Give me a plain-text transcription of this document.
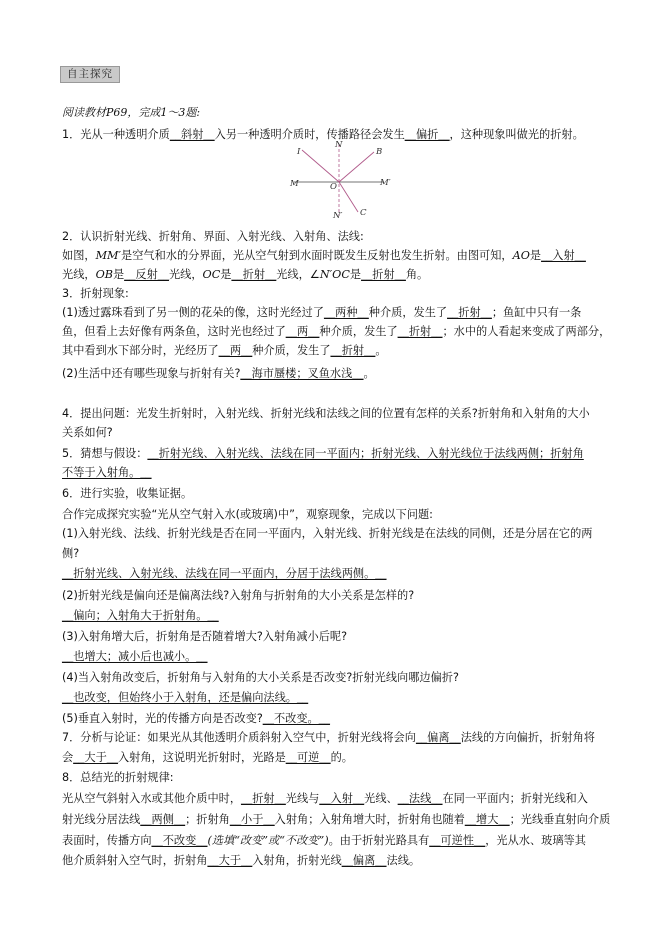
自主探究
阅读教材P69，完成1～3题:
I
N
B
M	O	M′
N′ C
1．光从一种透明介质__斜射__入另一种透明介质时，传播路径会发生__偏折__，这种现象叫做光的折射。
2．认识折射光线、折射角、界面、入射光线、入射角、法线:
如图，MM′是空气和水的分界面，光从空气射到水面时既发生反射也发生折射。由图可知，AO是__入射__
光线，OB是__反射__光线，OC是__折射__光线，∠N′OC是__折射__角。
3．折射现象:
(1)透过露珠看到了另一侧的花朵的像，这时光经过了__两种__种介质，发生了__折射__；鱼缸中只有一条
鱼，但看上去好像有两条鱼，这时光也经过了__两__种介质，发生了__折射__；水中的人看起来变成了两部分，
其中看到水下部分时，光经历了__两__种介质，发生了__折射__。
(2)生活中还有哪些现象与折射有关?__海市蜃楼；叉鱼水浅__。
4．提出问题：光发生折射时，入射光线、折射光线和法线之间的位置有怎样的关系?折射角和入射角的大小
关系如何?
5．猜想与假设：__折射光线、入射光线、法线在同一平面内；折射光线、入射光线位于法线两侧；折射角
不等于入射角。__
6．进行实验，收集证据。
合作完成探究实验“光从空气射入水(或玻璃)中”，观察现象，完成以下问题:
(1)入射光线、法线、折射光线是否在同一平面内，入射光线、折射光线是在法线的同侧，还是分居在它的两
侧?
__折射光线、入射光线、法线在同一平面内，分居于法线两侧。__
(2)折射光线是偏向还是偏离法线?入射角与折射角的大小关系是怎样的?
__偏向；入射角大于折射角。__
(3)入射角增大后，折射角是否随着增大?入射角减小后呢?
__也增大；减小后也减小。__
(4)当入射角改变后，折射角与入射角的大小关系是否改变?折射光线向哪边偏折?
__也改变，但始终小于入射角，还是偏向法线。__
(5)垂直入射时，光的传播方向是否改变?__不改变。__
7．分析与论证：如果光从其他透明介质斜射入空气中，折射光线将会向__偏离__法线的方向偏折，折射角将
会__大于__入射角，这说明光折射时，光路是__可逆__的。
8．总结光的折射规律:
光从空气斜射入水或其他介质中时，__折射__光线与__入射__光线、__法线__在同一平面内；折射光线和入
射光线分居法线__两侧__；折射角__小于__入射角；入射角增大时，折射角也随着__增大__；光线垂直射向介质
表面时，传播方向__不改变__(选填“改变”或“不改变”)。由于折射光路具有__可逆性__，光从水、玻璃等其
他介质斜射入空气时，折射角__大于__入射角，折射光线__偏离__法线。
